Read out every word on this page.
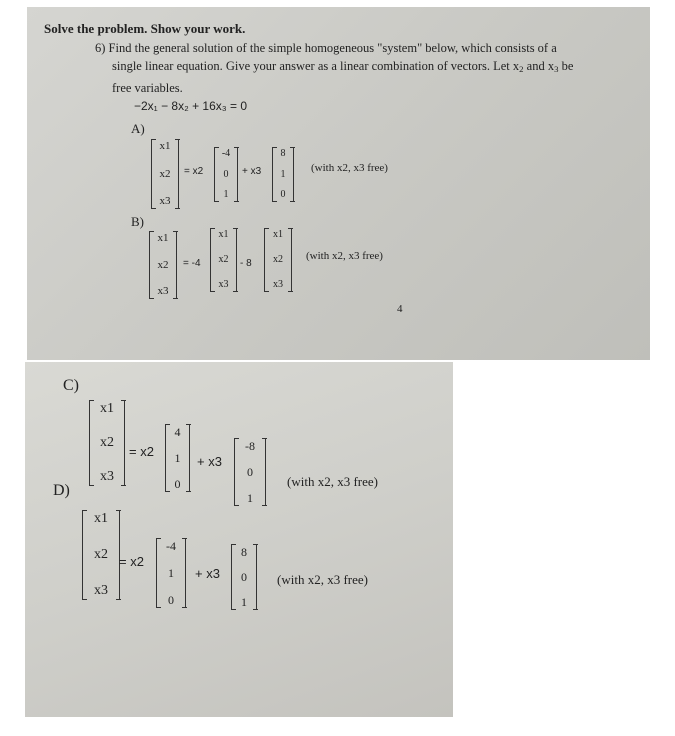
Solve the problem. Show your work.
6) Find the general solution of the simple homogeneous "system" below, which consists of a
single linear equation. Give your answer as a linear combination of vectors. Let $x_2$ and $x_3$ be
free variables.
−2x₁ − 8x₂ + 16x₃ = 0
A)
x1
x2
x3
= x2
-4
0
1
+ x3
8
1
0
(with x2, x3 free)
B)
x1
x2
x3
= -4
x1
x2
x3
- 8
x1
x2
x3
(with x2, x3 free)
4
C)
x1
x2
x3
= x2
4
1
0
+ x3
-8
0
1
(with x2, x3 free)
D)
x1
x2
x3
= x2
-4
1
0
+ x3
8
0
1
(with x2, x3 free)
